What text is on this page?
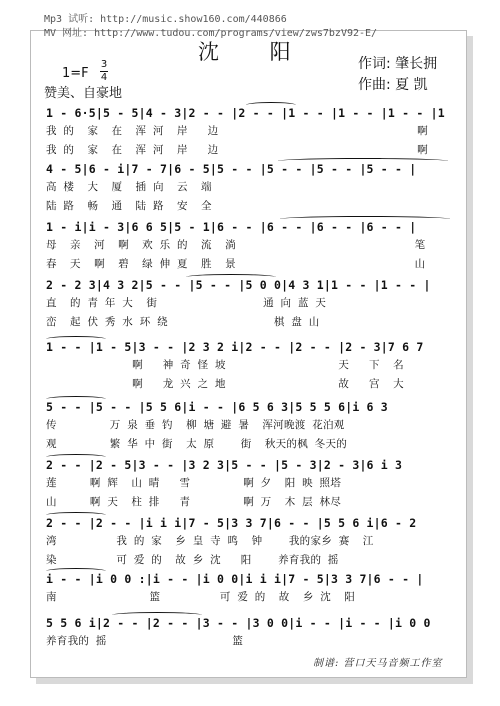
Mp3 试听: http://music.show160.com/440866
MV 网址: http://www.tudou.com/programs/view/zws7bzV92-E/
沈 阳	作词: 肇长拥
作曲: 夏 凯
1=F
3
4
赞美、自豪地
1 - 6·5|5 - 5|4 - 3|2 - - |2 - - |1 - - |1 - - |1 - - |1
我 的  家  在  浑 河  岸   边                              啊
我 的  家  在  浑 河  岸   边                              啊
4 - 5|6 - i|7 - 7|6 - 5|5 - - |5 - - |5 - - |5 - - |
高 楼  大  厦  插 向  云  端
陆 路  畅  通  陆 路  安  全
1 - i|i - 3|6 6 5|5 - 1|6 - - |6 - - |6 - - |6 - - |
母  亲  河  啊  欢 乐 的  流  淌                           笔
春  天  啊  碧  绿 伸 夏  胜  景                           山
2 - 2 3|4 3 2|5 - - |5 - - |5 0 0|4 3 1|1 - - |1 - - |
直  的 青 年 大  街                通 向 蓝 天
峦  起 伏 秀 水 环 绕                棋 盘 山
1 - - |1 - 5|3 - - |2 3 2 i|2 - - |2 - - |2 - 3|7 6 7
啊   神 奇 怪 坡                 天   下  名
啊   龙 兴 之 地                 故   宫  大
5 - - |5 - - |5 5 6|i - - |6 5 6 3|5 5 5 6|i 6 3
传        万 泉 垂 钓  柳 塘 避 暑  浑河晚渡 花泊观
观        繁 华 中 街  太 原    街  秋天的枫 冬天的
2 - - |2 - 5|3 - - |3 2 3|5 - - |5 - 3|2 - 3|6 i 3
莲     啊 辉  山 晴   雪        啊 夕  阳 映 照塔
山     啊 天  柱 排   青        啊 万  木 层 林尽
2 - - |2 - - |i i i|7 - 5|3 3 7|6 - - |5 5 6 i|6 - 2
湾         我 的 家  乡 皇 寺 鸣  钟    我的家乡 赛  江
染         可 爱 的  故 乡 沈   阳    养育我的 摇
i - - |i 0 0 :|i - - |i 0 0|i i i|7 - 5|3 3 7|6 - - |
南              篮         可 爱 的  故  乡 沈  阳
5 5 6 i|2 - - |2 - - |3 - - |3 0 0|i - - |i - - |i 0 0
养育我的 摇                   篮
制谱: 营口天马音频工作室
